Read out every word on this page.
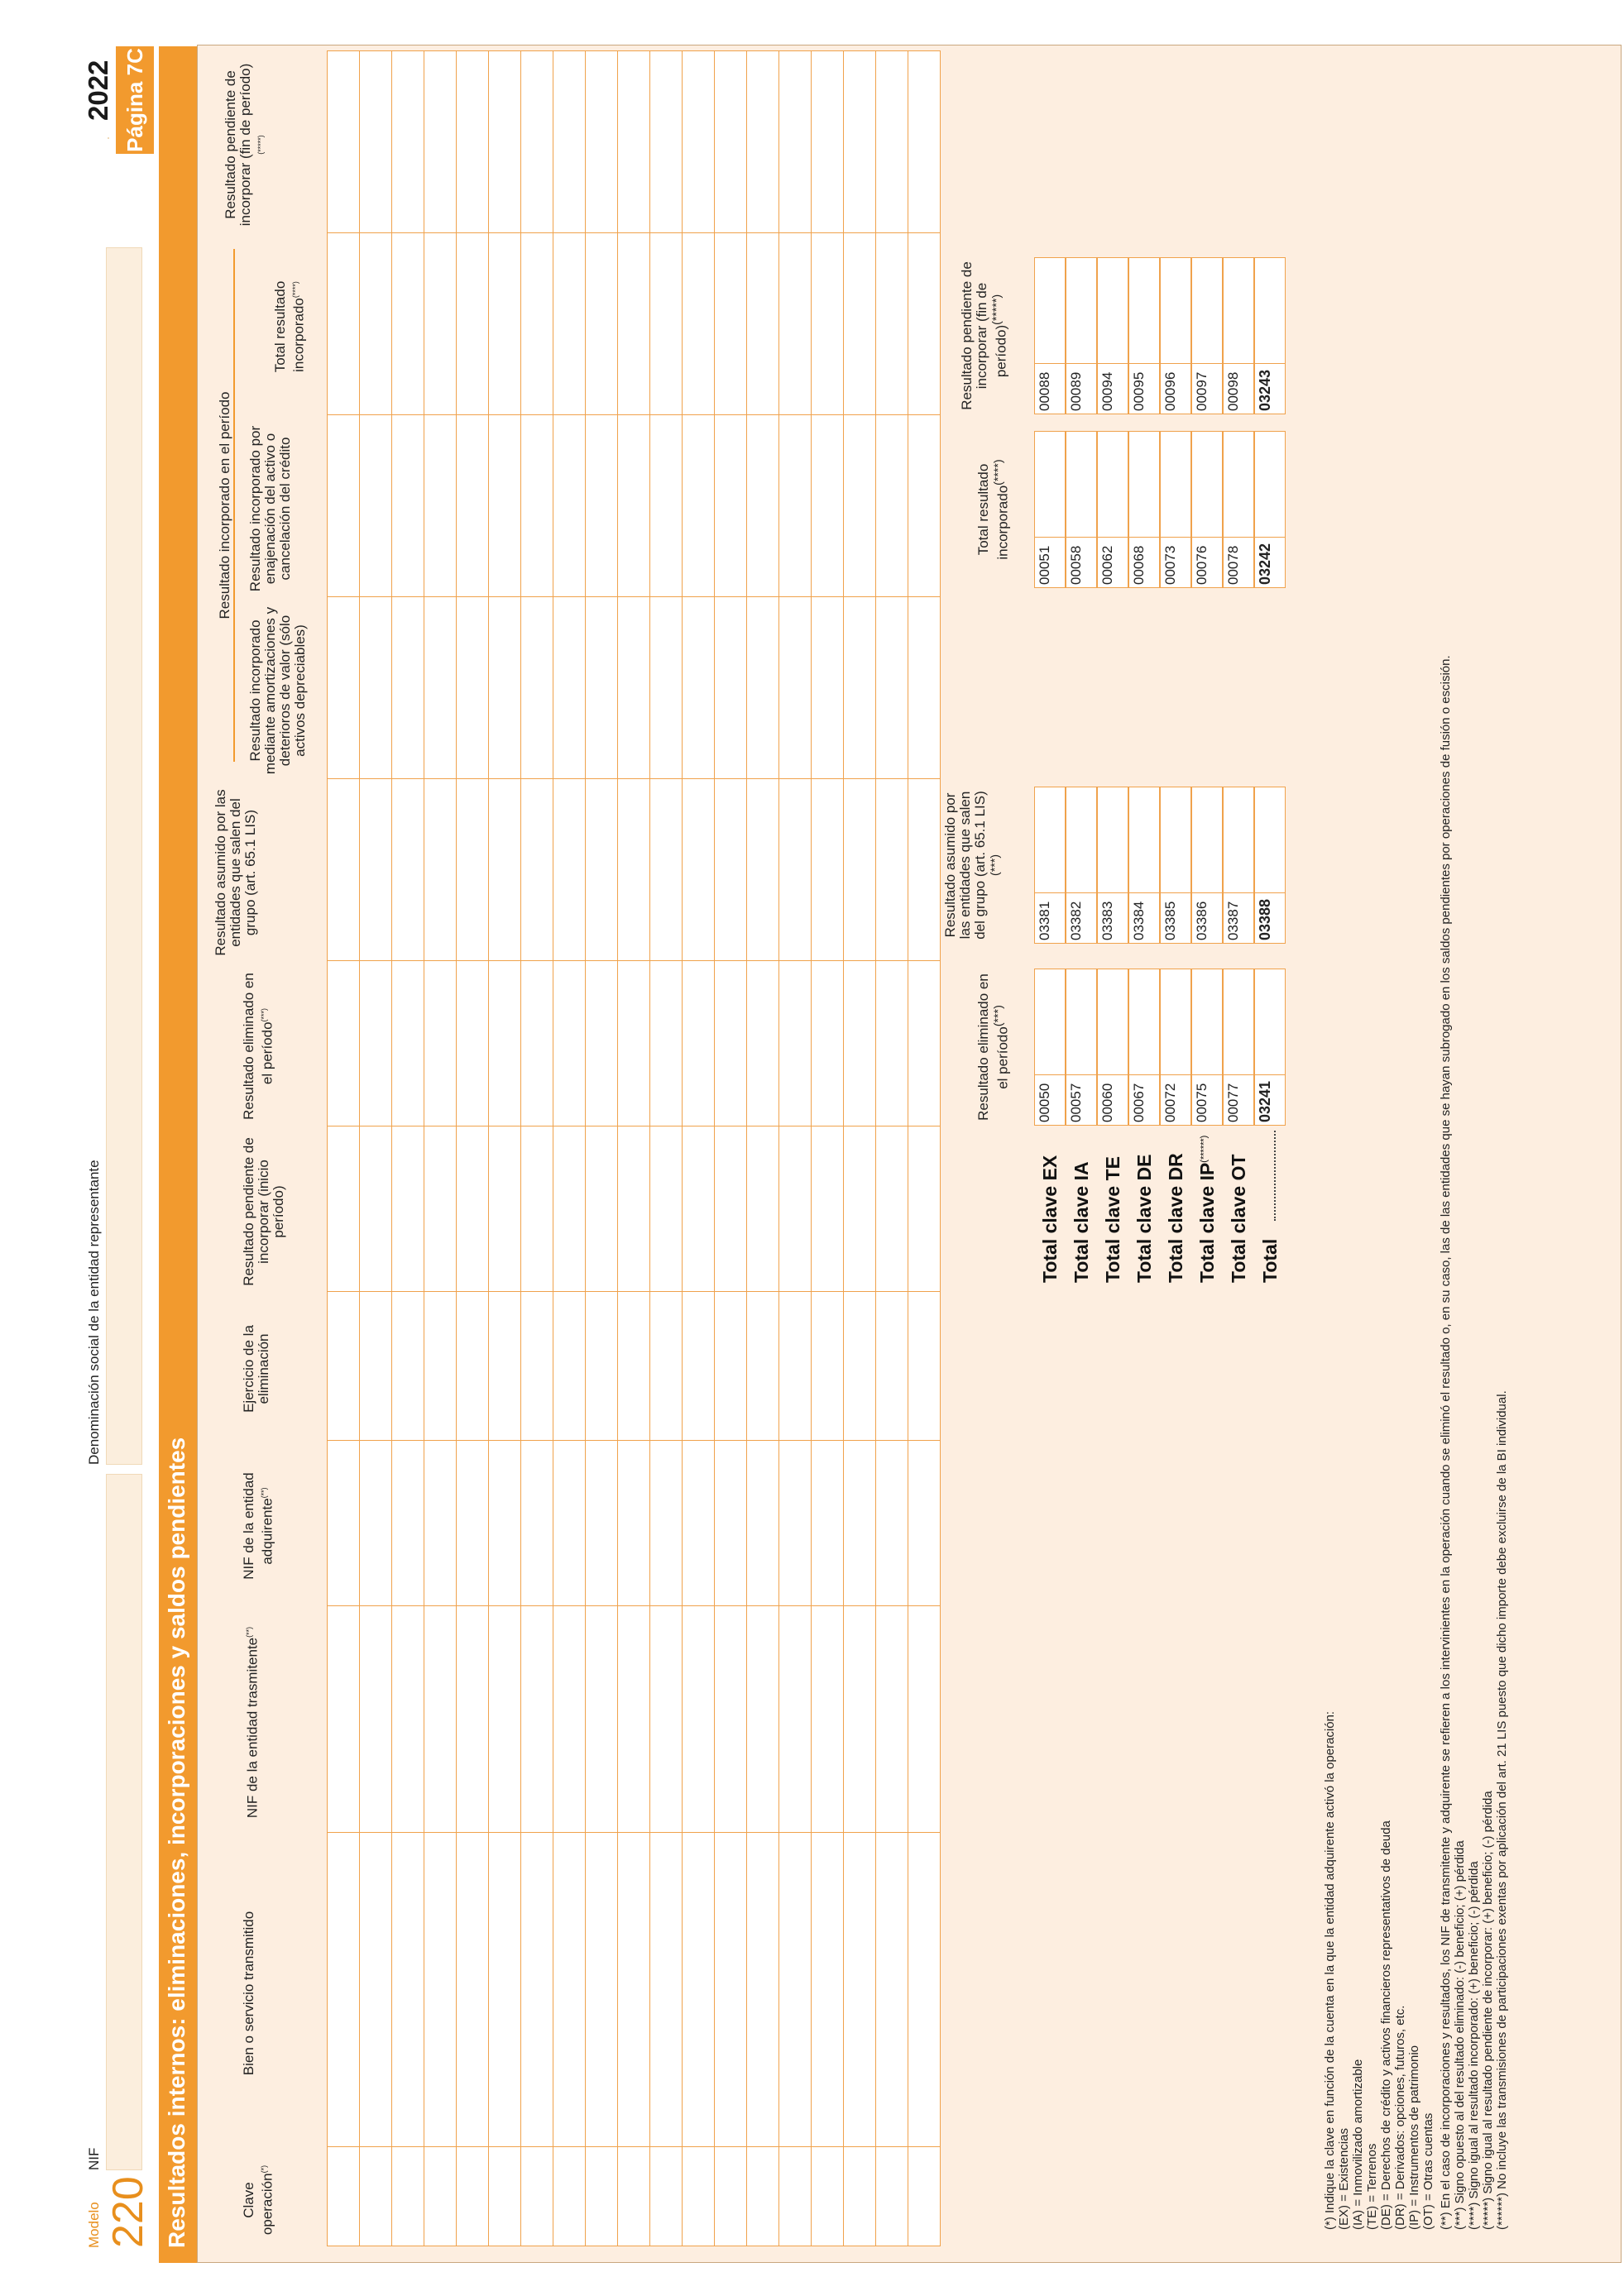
Modelo 220
NIF
Denominación social de la entidad representante
2022 Página 7C
Resultados internos: eliminaciones, incorporaciones y saldos pendientes	Clave operación(*)
Bien o servicio transmitido
NIF de la entidad trasmitente(**)
NIF de la entidad adquirente(**)
Ejercicio de la eliminación
Resultado pendiente de incorporar (inicio período)
Resultado eliminado en el período(***)
Resultado asumido por las entidades que salen del grupo (art. 65.1 LIS)
Resultado incorporado en el período
Resultado incorporado mediante amortizaciones y deterioros de valor (sólo activos depreciables)

Resultado incorporado por enajenación del activo o cancelación del crédito
Total resultado incorporado(****)
Resultado pendiente de incorporar (fin de período) (*****)
Resultado eliminado en el período(***)
Resultado asumido por las entidades que salen del grupo (art. 65.1 LIS)(***)
Total resultado incorporado(****)
Resultado pendiente de incorporar (fin de período)(*****)
Total clave EX
00050
03381
00051
00088
Total clave IA
00057
03382
00058
00089
Total clave TE
00060
03383
00062
00094
Total clave DE
00067
03384
00068
00095
Total clave DR
00072
03385
00073
00096
Total clave IP(******)
00075
03386
00076
00097
Total clave OT
00077
03387
00078
00098
Total
03241
03388
03242
03243
(*) Indique la clave en función de la cuenta en la que la entidad adquirente activó la operación: (EX) = Existencias (IA) = Inmovilizado amortizable (TE) = Terrenos (DE) = Derechos de crédito y activos financieros representativos de deuda (DR) = Derivados: opciones, futuros, etc. (IP) = Instrumentos de patrimonio (OT) = Otras cuentas (**) En el caso de incorporaciones y resultados, los NIF de transmitente y adquirente se refieren a los intervinientes en la operación cuando se eliminó el resultado o, en su caso, las de las entidades que se hayan subrogado en los saldos pendientes por operaciones de fusión o escisión. (***) Signo opuesto al del resultado eliminado: (-) beneficio; (+) pérdida (****) Signo igual al resultado incorporado: (+) beneficio; (-) pérdida (*****) Signo igual al resultado pendiente de incorporar: (+) beneficio; (-) pérdida (******) No incluye las transmisiones de participaciones exentas por aplicación del art. 21 LIS puesto que dicho importe debe excluirse de la BI individual.
